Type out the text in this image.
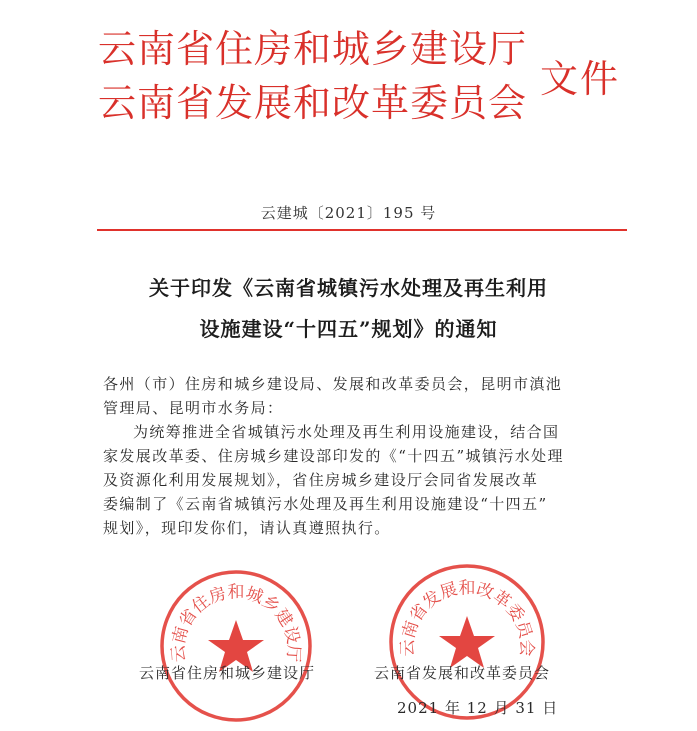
云南省住房和城乡建设厅
云南省发展和改革委员会
文件
云建城〔2021〕195 号
关于印发《云南省城镇污水处理及再生利用
设施建设“十四五”规划》的通知
各州（市）住房和城乡建设局、发展和改革委员会，昆明市滇池
管理局、昆明市水务局：
为统筹推进全省城镇污水处理及再生利用设施建设，结合国
家发展改革委、住房城乡建设部印发的《“十四五”城镇污水处理
及资源化利用发展规划》，省住房城乡建设厅会同省发展改革
委编制了《云南省城镇污水处理及再生利用设施建设“十四五”
规划》，现印发你们，请认真遵照执行。
云南省住房和城乡建设厅	云南省发展和改革委员会
云南省住房和城乡建设厅	云南省发展和改革委员会
2021 年 12 月 31 日
